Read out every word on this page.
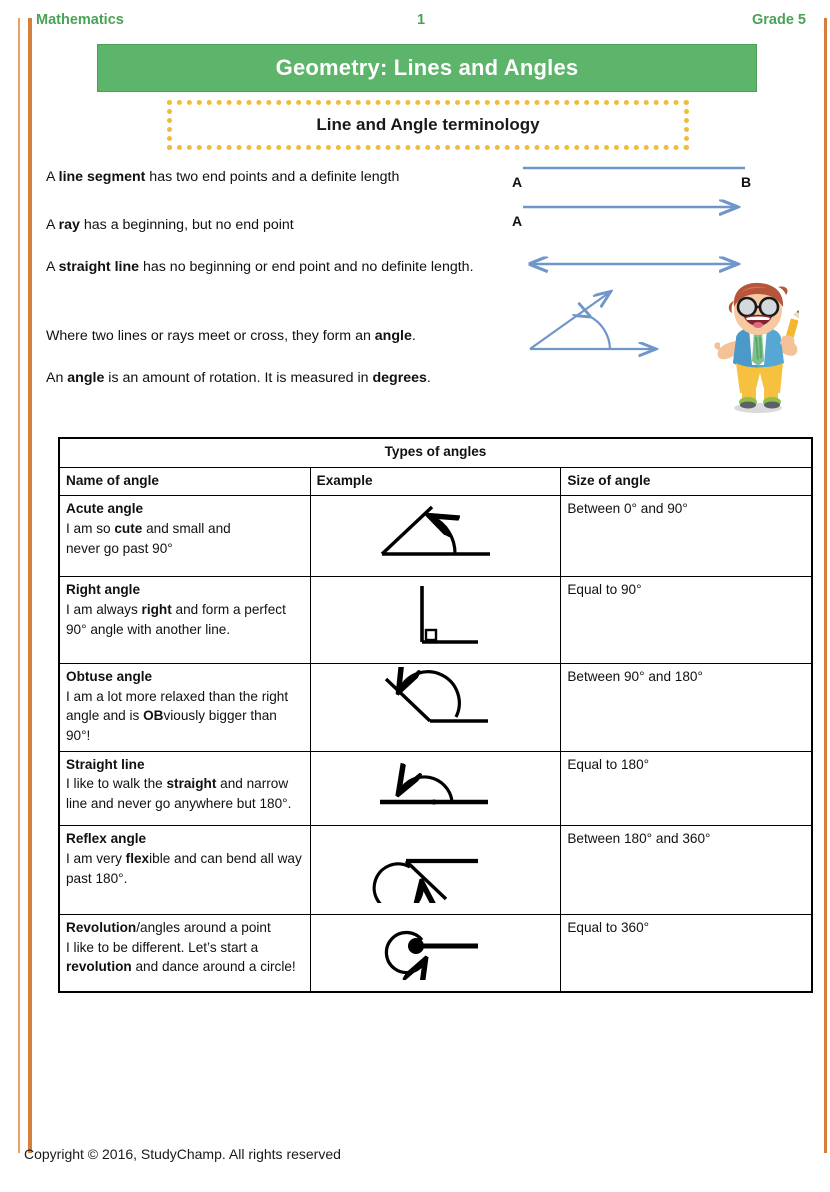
Mathematics	1	Grade 5
Geometry: Lines and Angles
Line and Angle terminology
A line segment has two end points and a definite length
A ray has a beginning, but no end point
A straight line has no beginning or end point and no definite length.
Where two lines or rays meet or cross, they form an angle.
An angle is an amount of rotation. It is measured in degrees.
A	B
A
Types of angles		
Name of angle	Example	Size of angle
Acute angle
I am so cute and small and
never go past 90°		Between 0° and 90°
Right angle
I am always right and form a perfect 90° angle with another line.		Equal to 90°
Obtuse angle
I am a lot more relaxed than the right angle and is OBviously bigger than 90°!		Between 90° and 180°
Straight line
I like to walk the straight and narrow line and never go anywhere but 180°.		Equal to 180°
Reflex angle
I am very flexible and can bend all way past 180°.		Between 180° and 360°
Revolution/angles around a point
I like to be different. Let’s start a revolution and dance around a circle!		Equal to 360°
Copyright © 2016, StudyChamp. All rights reserved
